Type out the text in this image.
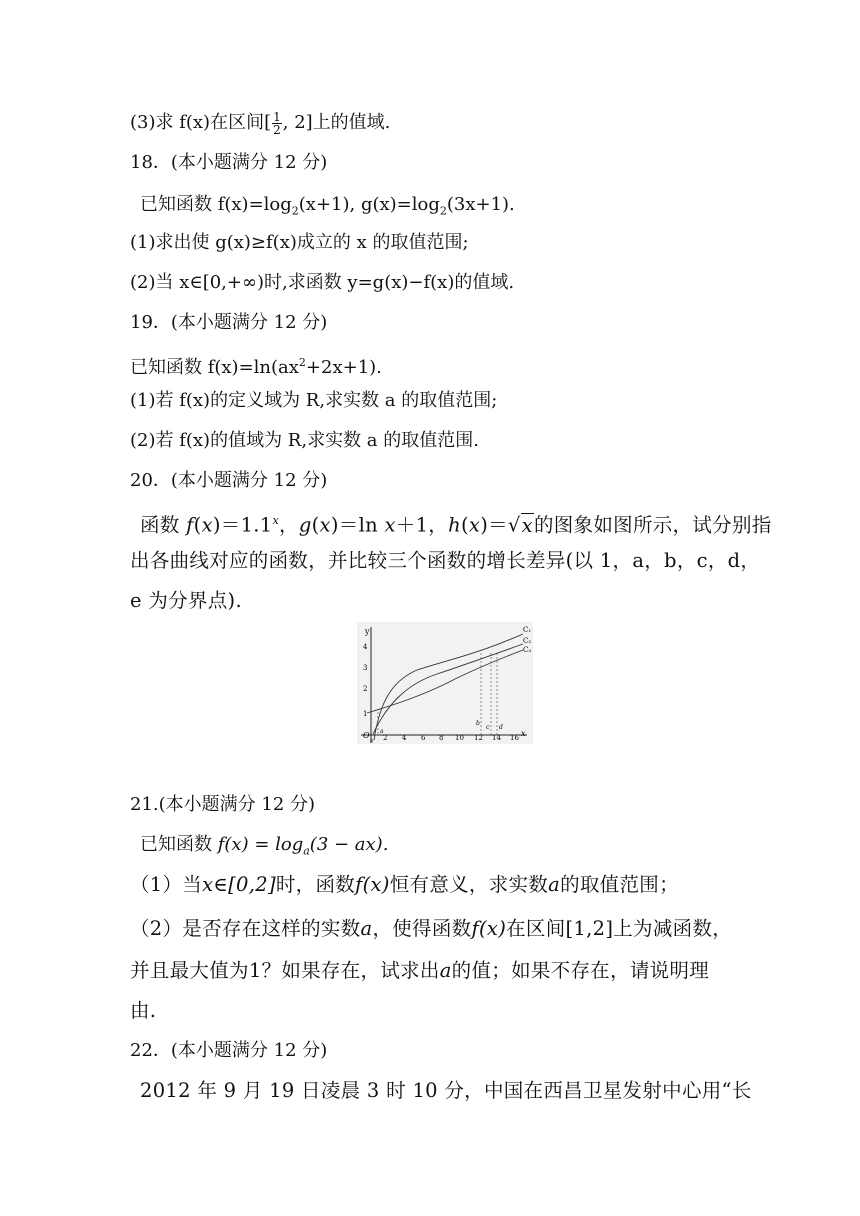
(3)求 f(x)在区间[ $\frac{1}{2}$ , 2]上的值域.
18．(本小题满分 12 分)
已知函数 $f(x)=\log_2(x+1)$, $g(x)=\log_2(3x+1)$.
(1)求出使 g(x)≥f(x)成立的 x 的取值范围;
(2)当 x∈[0,+∞)时,求函数 y=g(x)−f(x)的值域.
19．(本小题满分 12 分)
已知函数 $f(x)=\ln(ax^2+2x+1)$.
(1)若 f(x)的定义域为 R,求实数 a 的取值范围;
(2)若 f(x)的值域为 R,求实数 a 的取值范围.
20．(本小题满分 12 分)
函数 $f(x)=1.1^x$，g(x)＝ln x＋1，h(x)＝√x的图象如图所示，试分别指
出各曲线对应的函数，并比较三个函数的增长差异(以 1，a，b，c，d，
e 为分界点).
y
x
O
1
2
3
4
2 4 6 8 10 12 14 16
C₁
C₂
C₃
e
a
b
c d
21.(本小题满分 12 分)
已知函数 $f(x) = \log_a(3 - ax)$.
（1）当x∈[0,2]时，函数f(x)恒有意义，求实数a的取值范围；
（2）是否存在这样的实数a，使得函数f(x)在区间[1,2]上为减函数，
并且最大值为1？如果存在，试求出a的值；如果不存在，请说明理
由.
22．(本小题满分 12 分)
2012 年 9 月 19 日凌晨 3 时 10 分，中国在西昌卫星发射中心用“长
